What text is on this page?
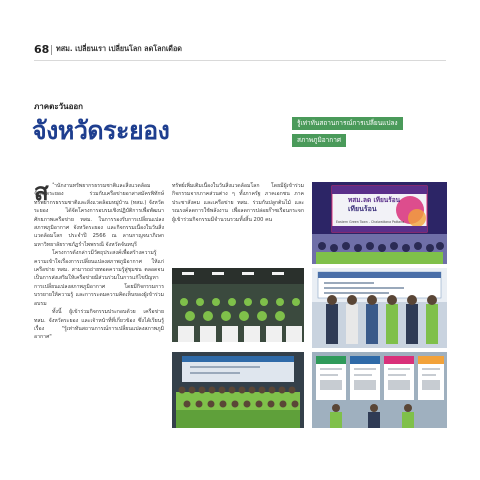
68 ทสม. เปลี่ยนเรา เปลี่ยนโลก ลดโลกเดือด
ภาคตะวันออก
จังหวัดระยอง	รู้เท่าทันสถานการณ์การเปลี่ยนแปลง
สภาพภูมิอากาศ
ส	ำนักงานทรัพยากรธรรมชาติและสิ่งแวดล้อมจังหวัดระยอง ร่วมกับเครือข่ายอาสาสมัครพิทักษ์ทรัพยากรธรรมชาติและสิ่งแวดล้อมหมู่บ้าน (ทสม.) จังหวัดระยอง ได้จัดโครงการอบรมเชิงปฏิบัติการเพื่อพัฒนาศักยภาพเครือข่าย ทสม. ในการรองรับการเปลี่ยนแปลงสภาพภูมิอากาศ จังหวัดระยอง และกิจกรรมเนื่องในวันสิ่งแวดล้อมโลก ประจำปี 2566 ณ ลานกาญจนาภิเษก มหาวิทยาลัยราชภัฏรำไพพรรณี จังหวัดจันทบุรี

โครงการดังกล่าวมีวัตถุประสงค์เพื่อสร้างความรู้ความเข้าใจเรื่องการเปลี่ยนแปลงสภาพภูมิอากาศ ให้แก่เครือข่าย ทสม. สามารถถ่ายทอดความรู้สู่ชุมชน ตลอดจนเป็นการส่งเสริมให้เครือข่ายมีส่วนร่วมในการแก้ไขปัญหาการเปลี่ยนแปลงสภาพภูมิอากาศ โดยมีกิจกรรมการบรรยายให้ความรู้ และการระดมความคิดเห็นของผู้เข้าร่วมอบรม

ทั้งนี้ ผู้เข้าร่วมกิจกรรมประกอบด้วย เครือข่าย ทสม. จังหวัดระยอง และเจ้าหน้าที่ที่เกี่ยวข้อง ซึ่งได้เรียนรู้เรื่อง "รู้เท่าทันสถานการณ์การเปลี่ยนแปลงสภาพภูมิอากาศ"

ทรัพย์เพิ่มเติมเนื่องในวันสิ่งแวดล้อมโลก โดยมีผู้เข้าร่วมกิจกรรมจากภาคส่วนต่าง ๆ ทั้งภาครัฐ ภาคเอกชน ภาคประชาสังคม และเครือข่าย ทสม. ร่วมกันปลูกต้นไม้ และรณรงค์ลดการใช้พลังงาน เพื่อลดการปล่อยก๊าซเรือนกระจก ผู้เข้าร่วมกิจกรรมมีจำนวนรวมทั้งสิ้น 200 คน
ทสม.ลด เทียนร้อน
เทียนร้อน
Eastern Green Town - Chaiwattana Pattana
